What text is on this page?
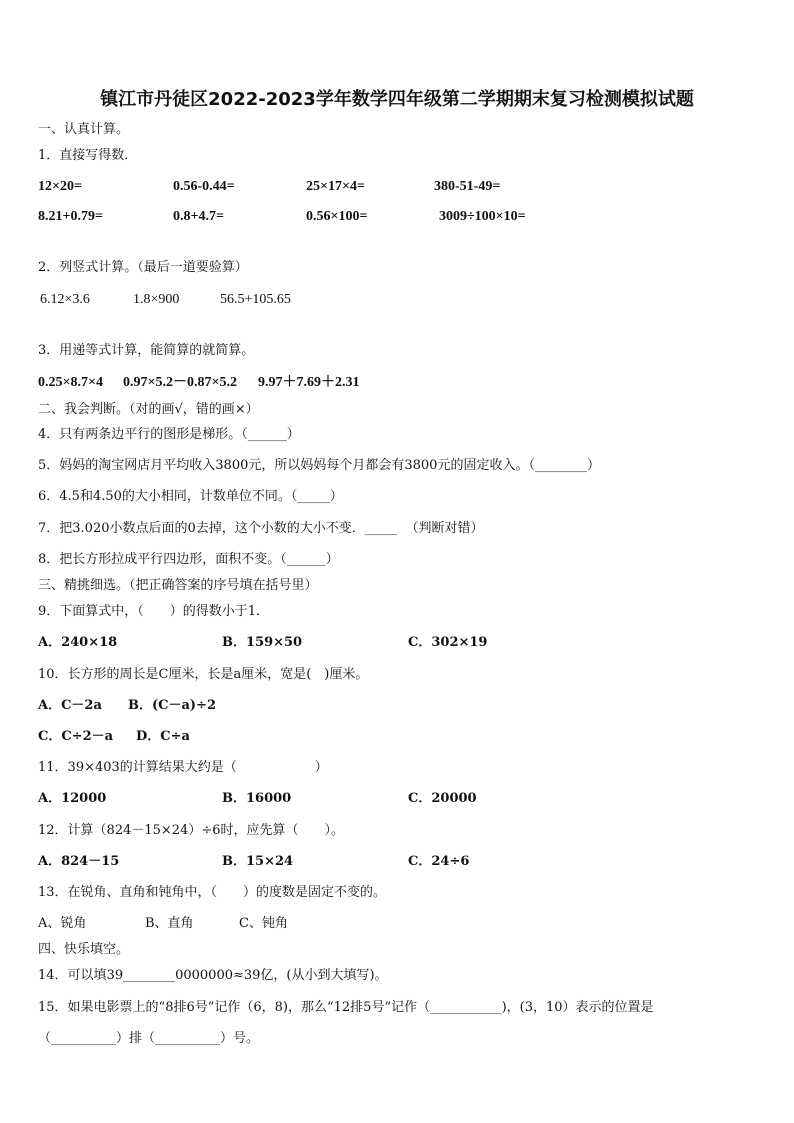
镇江市丹徒区2022-2023学年数学四年级第二学期期末复习检测模拟试题
一、认真计算。
1．直接写得数．
12×20=	0.56-0.44=	25×17×4=	380-51-49=
8.21+0.79=	0.8+4.7=	0.56×100=	3009÷100×10=
2．列竖式计算。（最后一道要验算）
6.12×3.6	1.8×900	56.5+105.65
3．用递等式计算，能简算的就简算。
0.25×8.7×4 0.97×5.2－0.87×5.2 9.97＋7.69＋2.31
二、我会判断。（对的画√，错的画×）
4．只有两条边平行的图形是梯形。（______）
5．妈妈的淘宝网店月平均收入3800元，所以妈妈每个月都会有3800元的固定收入。（________）
6．4.5和4.50的大小相同，计数单位不同。（_____）
7．把3.020小数点后面的0去掉，这个小数的大小不变．_____  （判断对错）
8．把长方形拉成平行四边形，面积不变。（______）
三、精挑细选。（把正确答案的序号填在括号里）
9．下面算式中，（　　）的得数小于1．
A．240×18	B．159×50	C．302×19
10．长方形的周长是C厘米，长是a厘米，宽是(　)厘米。
A．C－2a B．(C－a)÷2
C．C÷2－a D．C÷a
11．39×403的计算结果大约是（　　　　　　）
A．12000	B．16000	C．20000
12．计算（824－15×24）÷6时，应先算（　　）。
A．824－15	B．15×24	C．24÷6
13．在锐角、直角和钝角中，（　　）的度数是固定不变的。
A、锐角	B、直角	C、钝角
四、快乐填空。
14．可以填39________0000000≈39亿，(从小到大填写)。
15．如果电影票上的“8排6号”记作（6，8)，那么“12排5号”记作（___________)，(3，10）表示的位置是
（__________）排（__________）号。
